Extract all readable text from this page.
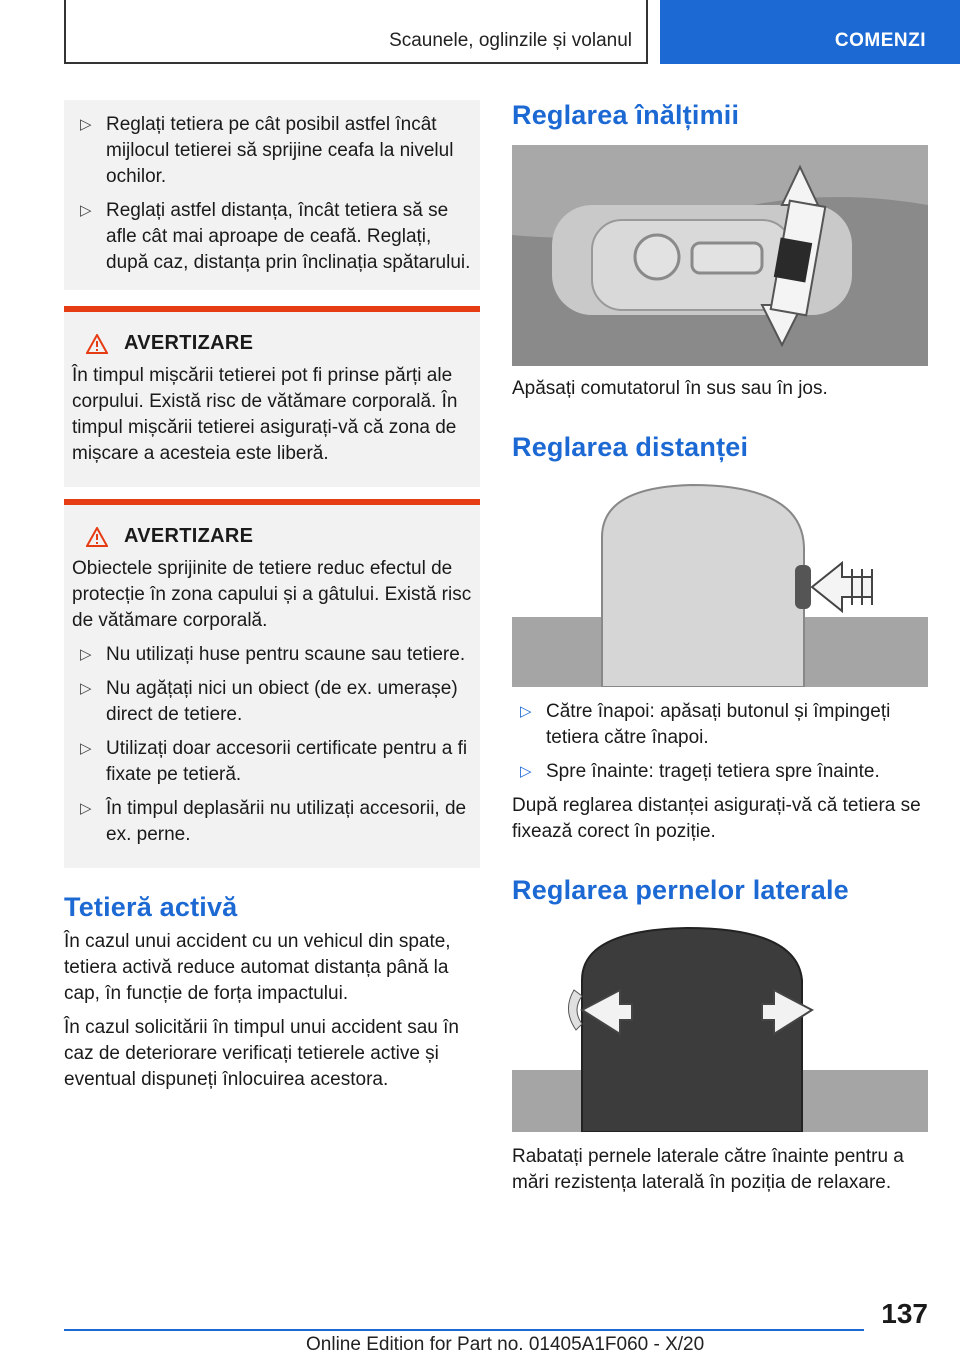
Scaunele, oglinzile și volanul	COMENZI
▷ Reglați tetiera pe cât posibil astfel încât mijlocul tetierei să sprijine ceafa la nivelul ochilor.
▷ Reglați astfel distanța, încât tetiera să se afle cât mai aproape de ceafă. Reglați, după caz, distanța prin înclinația spătarului.
AVERTIZARE
În timpul mișcării tetierei pot fi prinse părți ale corpului. Există risc de vătămare corporală. În timpul mișcării tetierei asigurați-vă că zona de mișcare a acesteia este liberă.
AVERTIZARE
Obiectele sprijinite de tetiere reduc efectul de protecție în zona capului și a gâtului. Există risc de vătămare corporală.
▷ Nu utilizați huse pentru scaune sau tetiere.
▷ Nu agățați nici un obiect (de ex. umerașe) direct de tetiere.
▷ Utilizați doar accesorii certificate pentru a fi fixate pe tetieră.
▷ În timpul deplasării nu utilizați accesorii, de ex. perne.
Tetieră activă
În cazul unui accident cu un vehicul din spate, tetiera activă reduce automat distanța până la cap, în funcție de forța impactului.
În cazul solicitării în timpul unui accident sau în caz de deteriorare verificați tetierele active și eventual dispuneți înlocuirea acestora.
Reglarea înălțimii
Apăsați comutatorul în sus sau în jos.
Reglarea distanței
▷ Către înapoi: apăsați butonul și împingeți tetiera către înapoi.
▷ Spre înainte: trageți tetiera spre înainte.
După reglarea distanței asigurați-vă că tetiera se fixează corect în poziție.
Reglarea pernelor laterale
Rabatați pernele laterale către înainte pentru a mări rezistența laterală în poziția de relaxare.
137
Online Edition for Part no. 01405A1F060 - X/20
